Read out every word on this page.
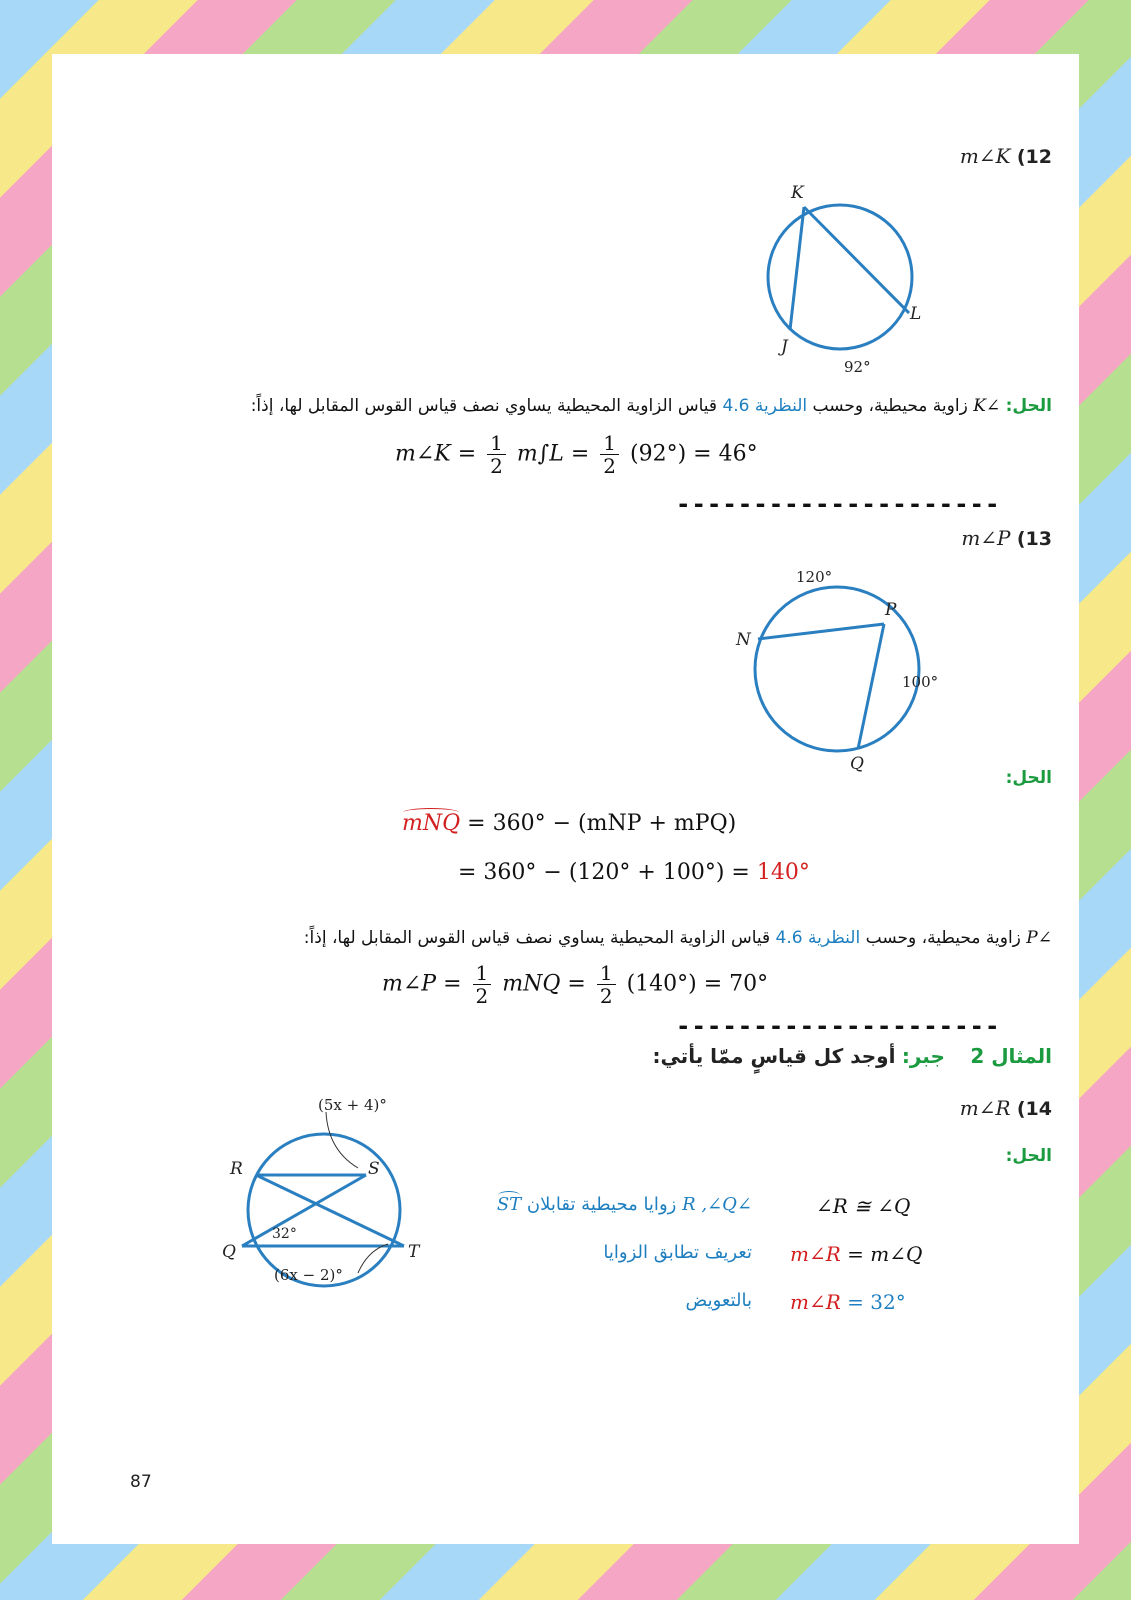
m∠K (12
K
L
J
92°
الحل: ∠K زاوية محيطية، وحسب النظرية 4.6 قياس الزاوية المحيطية يساوي نصف قياس القوس المقابل لها، إذاً:
m∠K = $\frac{1}{2} m\int L = \frac{1}{2} (92^\circ) = 46^\circ$
---------------------
m∠P (13
120°
N
P
100°
Q
الحل:
mNQ = 360° − (mNP + mPQ)
= 360° − (120° + 100°) = 140°
∠P زاوية محيطية، وحسب النظرية 4.6 قياس الزاوية المحيطية يساوي نصف قياس القوس المقابل لها، إذاً:
m∠P = $\frac{1}{2}$ mNQ = $\frac{1}{2} (140^\circ) = 70^\circ$
---------------------
المثال 2    جبر: أوجد كل قياسٍ ممّا يأتي:
m∠R (14
(5x + 4)°
R	S
32°
Q	T
(6x − 2)°
الحل:
∠R ≅ ∠Q
∠R ,∠Q زوايا محيطية تقابلان ST
m∠R = m∠Q
تعريف تطابق الزوايا
m∠R = 32°
بالتعويض
87
